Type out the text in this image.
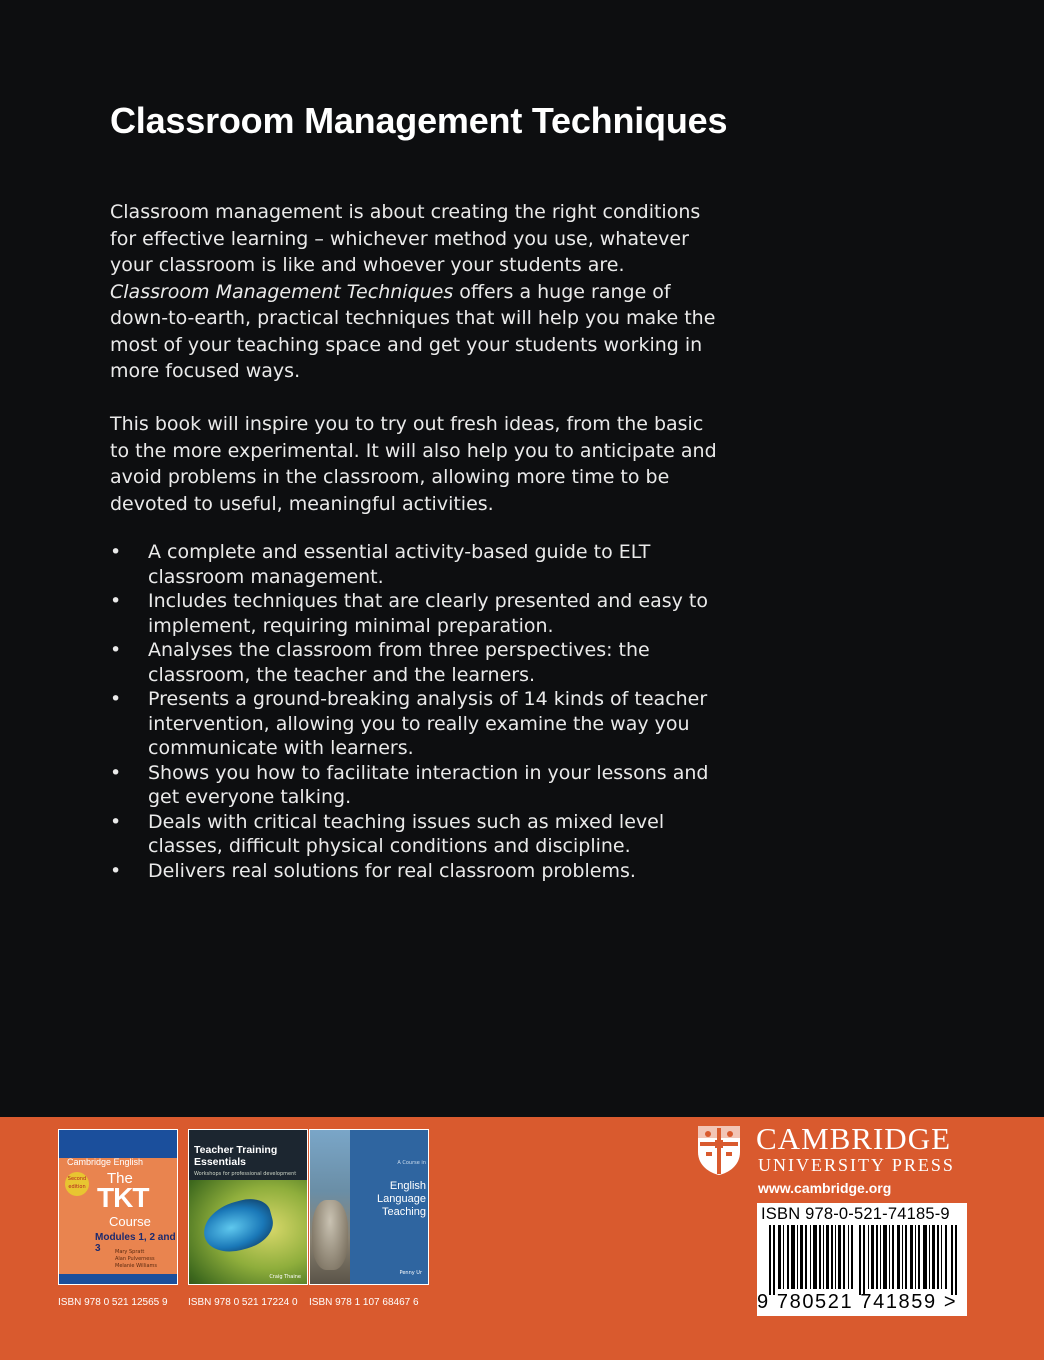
Classroom Management Techniques

Classroom management is about creating the right conditions for effective learning – whichever method you use, whatever your classroom is like and whoever your students are. Classroom Management Techniques offers a huge range of down-to-earth, practical techniques that will help you make the most of your teaching space and get your students working in more focused ways.

This book will inspire you to try out fresh ideas, from the basic to the more experimental. It will also help you to anticipate and avoid problems in the classroom, allowing more time to be devoted to useful, meaningful activities.

• A complete and essential activity-based guide to ELT classroom management.
• Includes techniques that are clearly presented and easy to implement, requiring minimal preparation.
• Analyses the classroom from three perspectives: the classroom, the teacher and the learners.
• Presents a ground-breaking analysis of 14 kinds of teacher intervention, allowing you to really examine the way you communicate with learners.
• Shows you how to facilitate interaction in your lessons and get everyone talking.
• Deals with critical teaching issues such as mixed level classes, difficult physical conditions and discipline.
• Delivers real solutions for real classroom problems.
Cambridge English
Second edition The
TKT
Course
Modules 1, 2 and 3	Mary Spratt
Alan Pulverness
Melanie Williams
Teacher Training Essentials
Workshops for professional development
Craig Thaine
A Course in
English Language Teaching
Penny Ur
ISBN 978 0 521 12565 9 ISBN 978 0 521 17224 0 ISBN 978 1 107 68467 6
CAMBRIDGE
UNIVERSITY PRESS
www.cambridge.org
ISBN 978-0-521-74185-9
9 780521 741859 >
